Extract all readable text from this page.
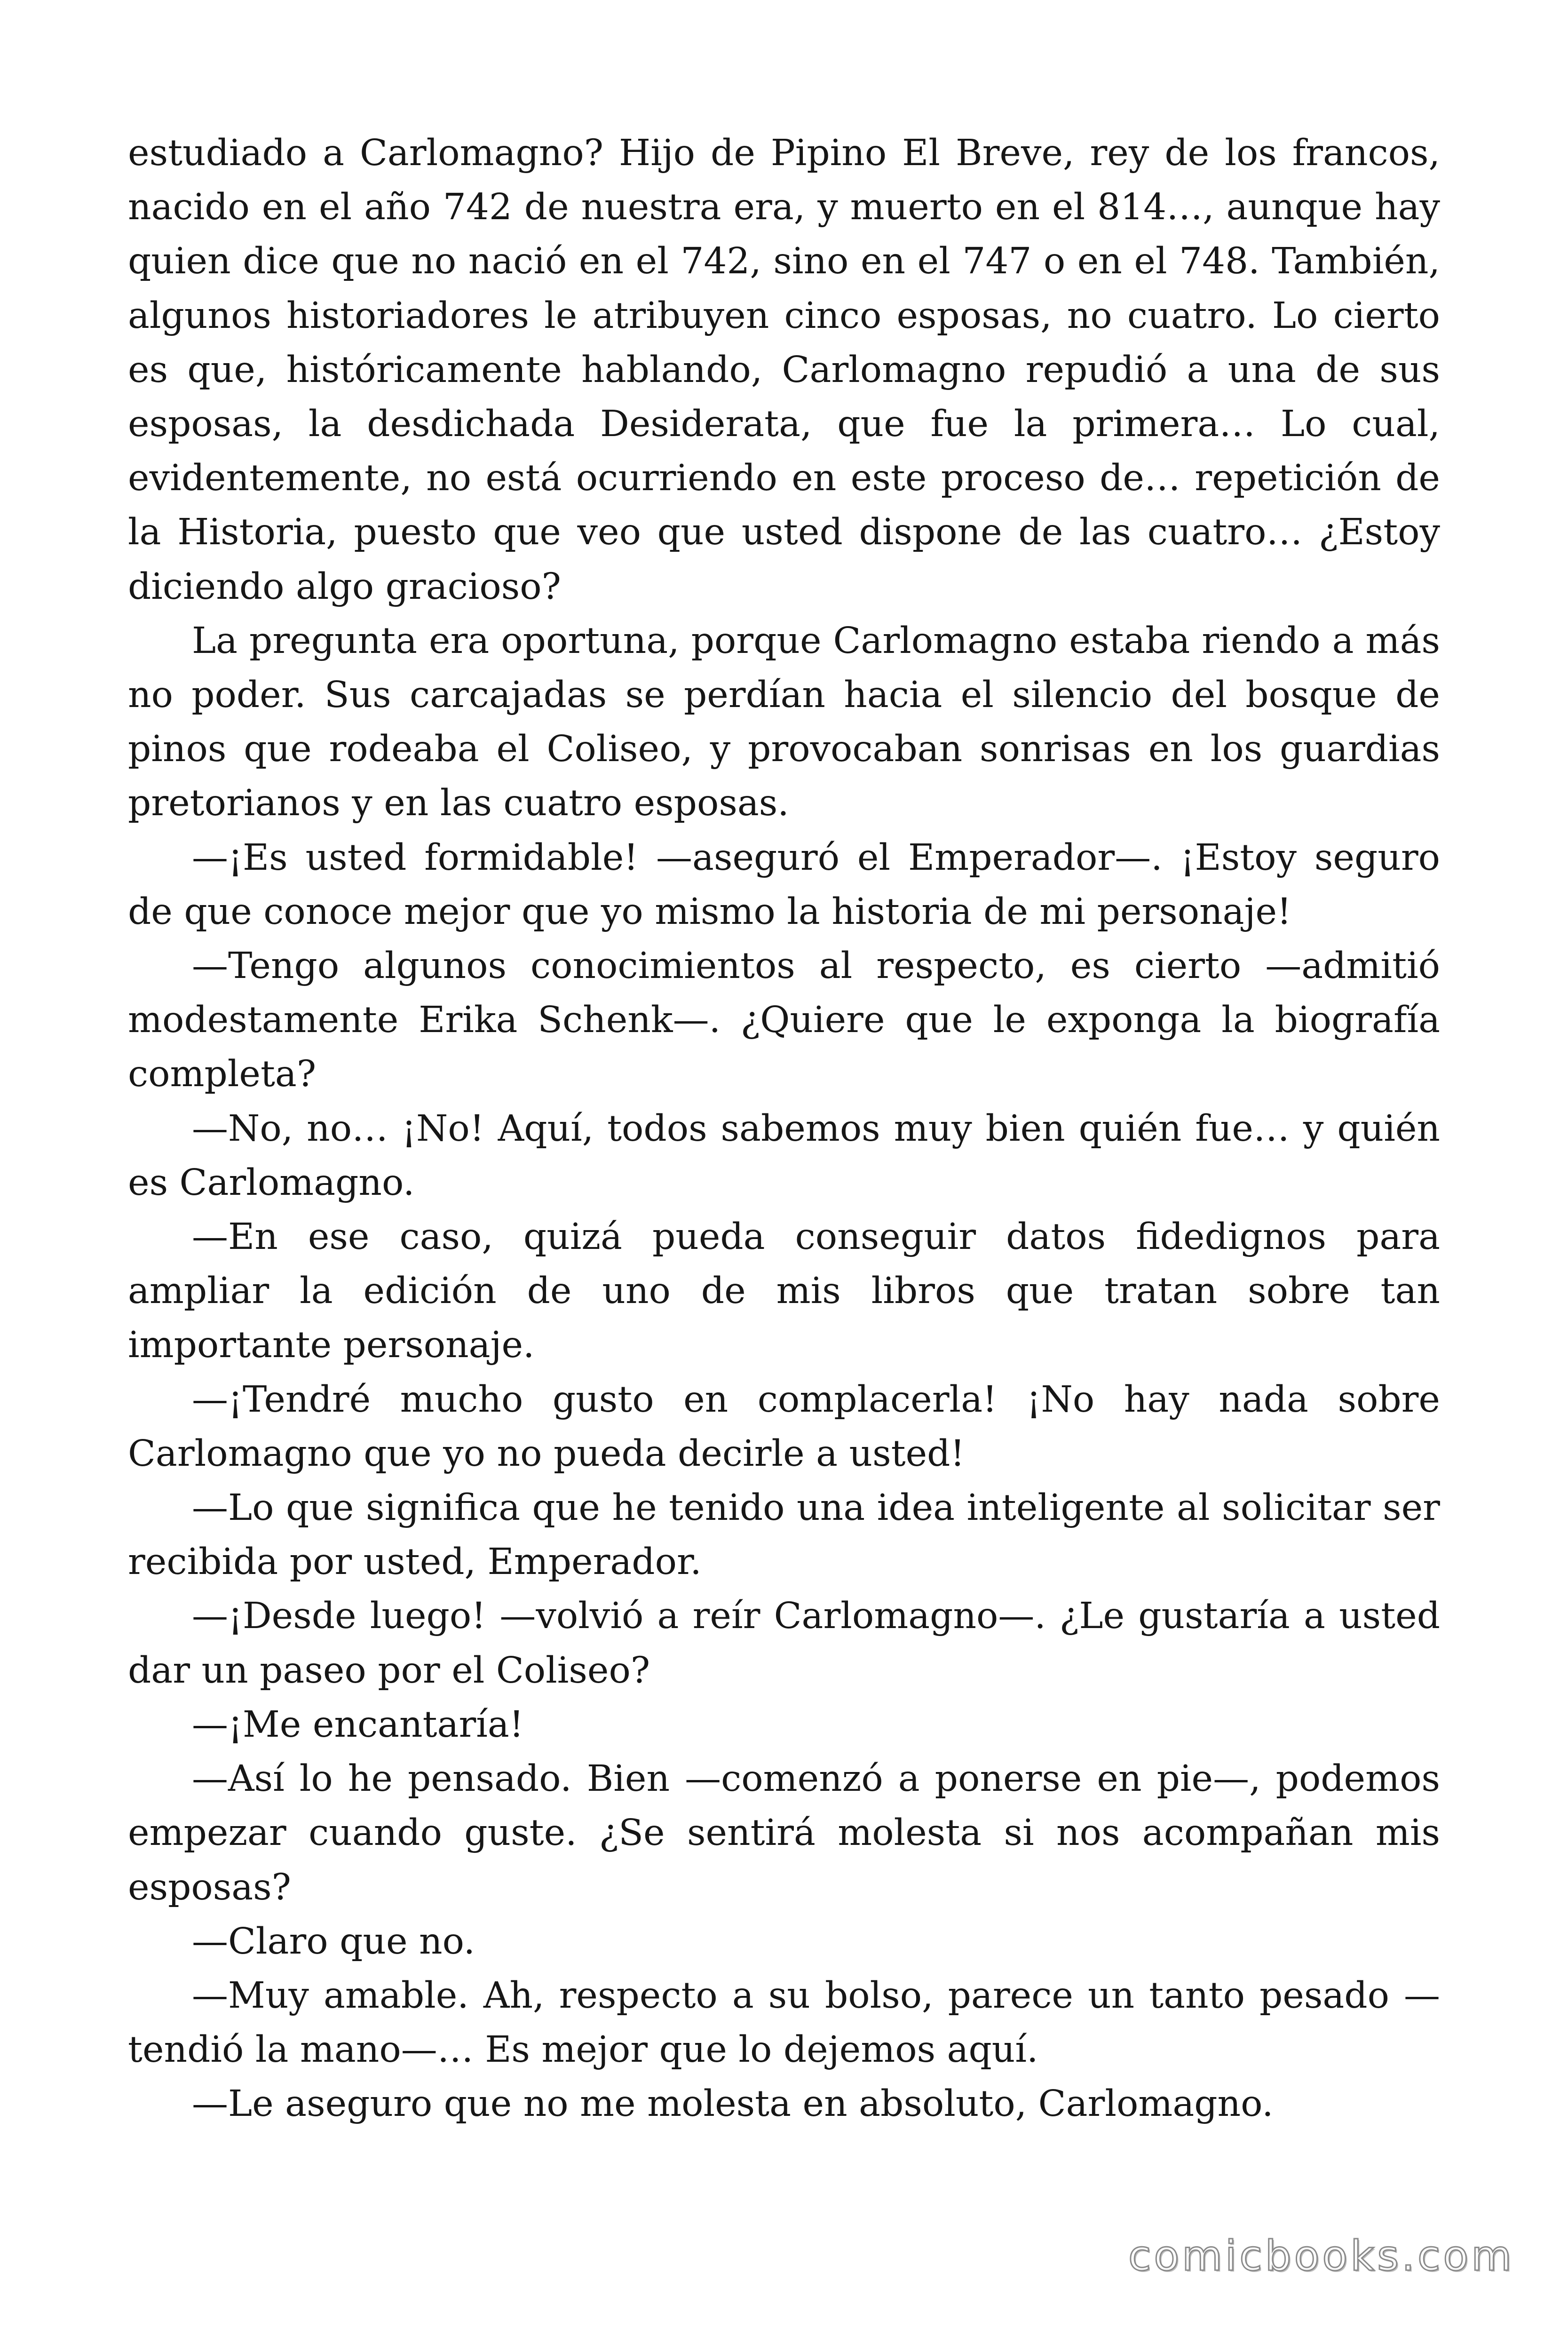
estudiado a Carlomagno? Hijo de Pipino El Breve, rey de los francos, nacido en el año 742 de nuestra era, y muerto en el 814…, aunque hay quien dice que no nació en el 742, sino en el 747 o en el 748. También, algunos historiadores le atribuyen cinco esposas, no cuatro. Lo cierto es que, históricamente hablando, Carlomagno repudió a una de sus esposas, la desdichada Desiderata, que fue la primera… Lo cual, evidentemente, no está ocurriendo en este proceso de… repetición de la Historia, puesto que veo que usted dispone de las cuatro… ¿Estoy diciendo algo gracioso?

La pregunta era oportuna, porque Carlomagno estaba riendo a más no poder. Sus carcajadas se perdían hacia el silencio del bosque de pinos que rodeaba el Coliseo, y provocaban sonrisas en los guardias pretorianos y en las cuatro esposas.

—¡Es usted formidable! —aseguró el Emperador—. ¡Estoy seguro de que conoce mejor que yo mismo la historia de mi personaje!

—Tengo algunos conocimientos al respecto, es cierto —admitió modestamente Erika Schenk—. ¿Quiere que le exponga la biografía completa?

—No, no… ¡No! Aquí, todos sabemos muy bien quién fue… y quién es Carlomagno.

—En ese caso, quizá pueda conseguir datos fidedignos para ampliar la edición de uno de mis libros que tratan sobre tan importante personaje.

—¡Tendré mucho gusto en complacerla! ¡No hay nada sobre Carlomagno que yo no pueda decirle a usted!

—Lo que significa que he tenido una idea inteligente al solicitar ser recibida por usted, Emperador.

—¡Desde luego! —volvió a reír Carlomagno—. ¿Le gustaría a usted dar un paseo por el Coliseo?

—¡Me encantaría!

—Así lo he pensado. Bien —comenzó a ponerse en pie—, podemos empezar cuando guste. ¿Se sentirá molesta si nos acompañan mis esposas?

—Claro que no.

—Muy amable. Ah, respecto a su bolso, parece un tanto pesado —tendió la mano—… Es mejor que lo dejemos aquí.

—Le aseguro que no me molesta en absoluto, Carlomagno.

comicbooks.com
